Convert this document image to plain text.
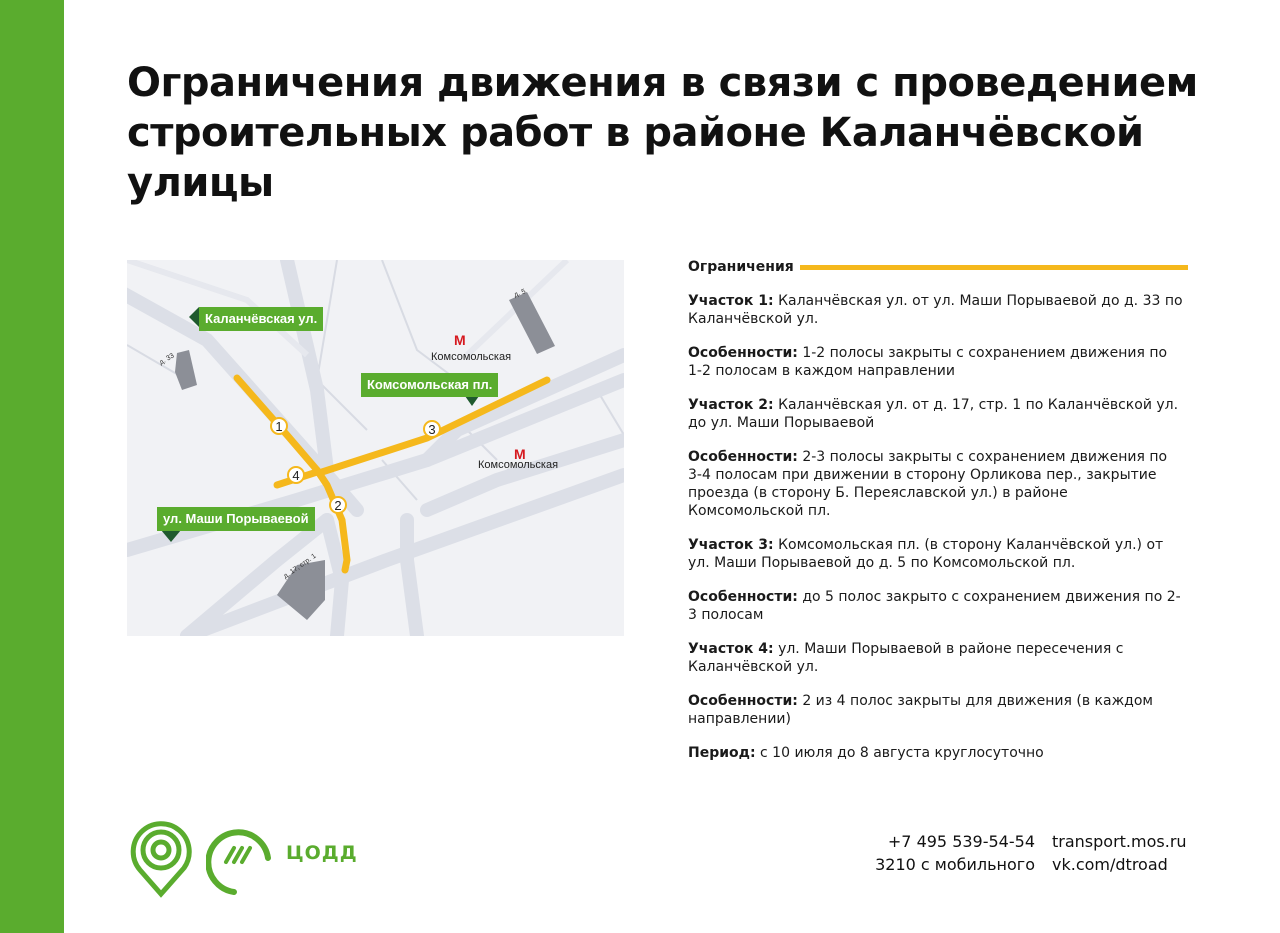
Ограничения движения в связи с проведением строительных работ в районе Каланчёвской улицы
Каланчёвская ул.
Комсомольская пл.
ул. Маши Порываевой
М
Комсомольская
М
Комсомольская
д. 5
д. 33
д. 17, стр. 1
1
2
3
4
Ограничения

Участок 1: Каланчёвская ул. от ул. Маши Порываевой до д. 33 по Каланчёвской ул.

Особенности: 1-2 полосы закрыты с сохранением движения по 1-2 полосам в каждом направлении

Участок 2: Каланчёвская ул. от д. 17, стр. 1 по Каланчёвской ул. до ул. Маши Порываевой

Особенности: 2-3 полосы закрыты с сохранением движения по 3-4 полосам при движении в сторону Орликова пер., закрытие проезда (в сторону Б. Переяславской ул.) в районе Комсомольской пл.

Участок 3: Комсомольская пл. (в сторону Каланчёвской ул.) от ул. Маши Порываевой до д. 5 по Комсомольской пл.

Особенности: до 5 полос закрыто с сохранением движения по 2-3 полосам

Участок 4: ул. Маши Порываевой в районе пересечения с Каланчёвской ул.

Особенности: 2 из 4 полос закрыты для движения (в каждом направлении)

Период: с 10 июля до 8 августа круглосуточно

ЦОДД
+7 495 539-54-54
3210 с мобильного
transport.mos.ru
vk.com/dtroad
